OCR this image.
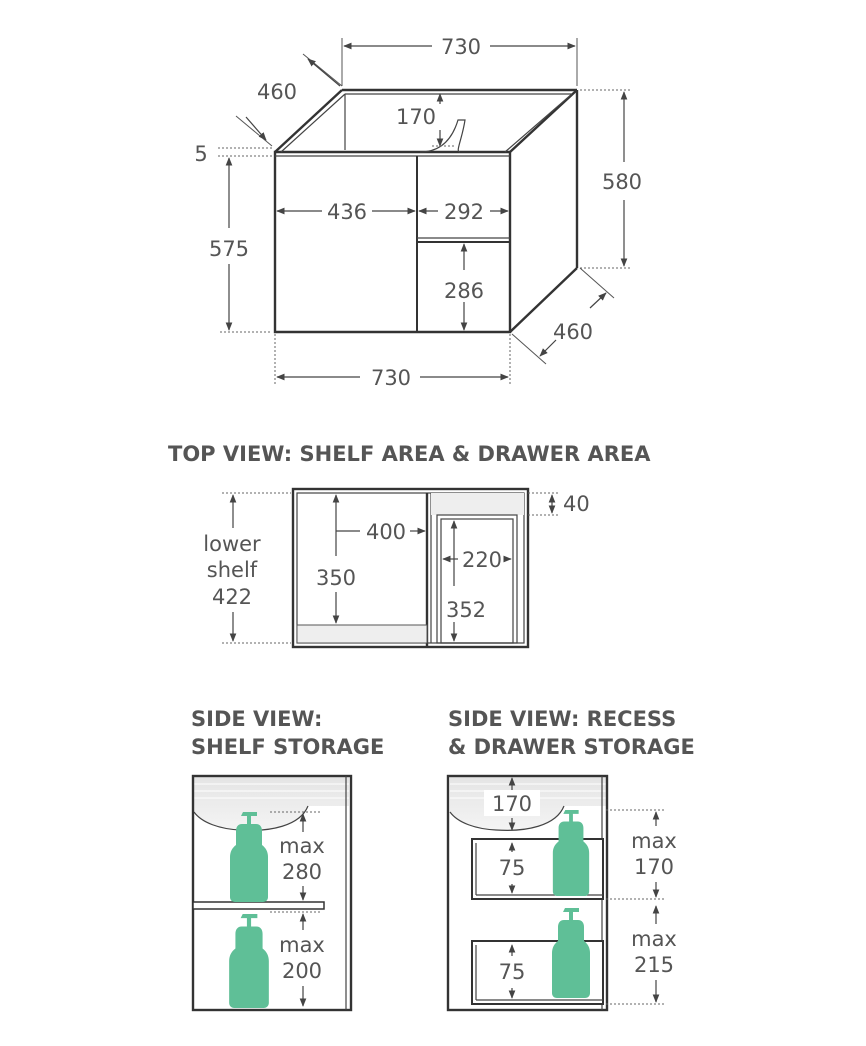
730
460
170
5
575
436	292
286
580
460
730
TOP VIEW: SHELF AREA & DRAWER AREA
lower
shelf
422
400
350
220
352
40
SIDE VIEW:
SHELF STORAGE
max
280
max
200
SIDE VIEW: RECESS
& DRAWER STORAGE
170
75
75
max
170
max
215
